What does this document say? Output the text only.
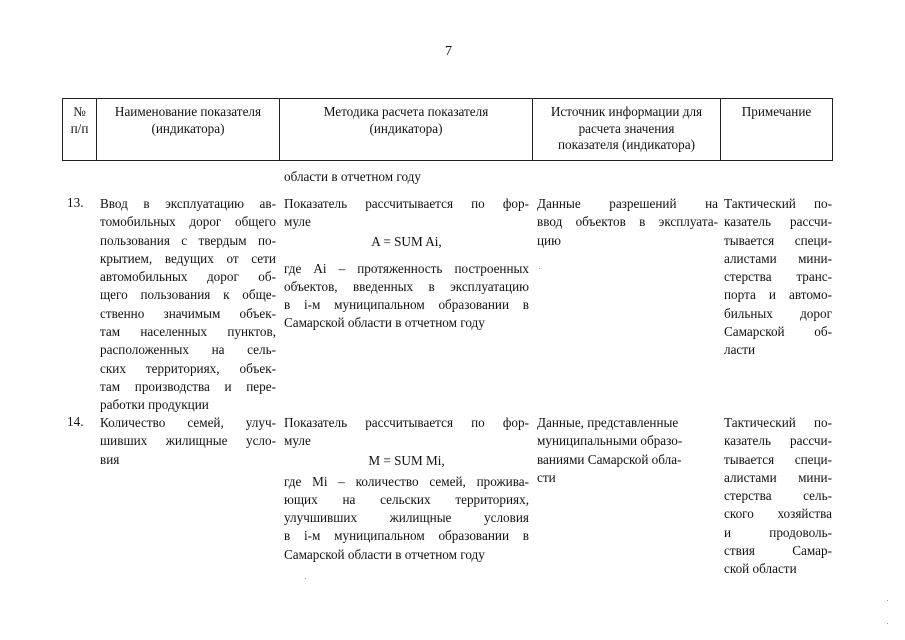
7
№
п/п
Наименование показателя
(индикатора)
Методика расчета показателя
(индикатора)
Источник информации для
расчета значения
показателя (индикатора)
Примечание
области в отчетном году
13. Ввод в эксплуатацию ав-
томобильных дорог общего
пользования с твердым по-
крытием, ведущих от сети
автомобильных дорог об-
щего пользования к обще-
ственно значимым объек-
там населенных пунктов,
расположенных на сель-
ских территориях, объек-
там производства и пере-
работки продукции
Показатель рассчитывается по фор-
муле
A = SUM Ai,
где Ai – протяженность построенных
объектов, введенных в эксплуатацию
в i-м муниципальном образовании в
Самарской области в отчетном году
Данные разрешений на
ввод объектов в эксплуата-
цию
Тактический по-
казатель рассчи-
тывается специ-
алистами мини-
стерства транс-
порта и автомо-
бильных дорог
Самарской об-
ласти
14. Количество семей, улуч-
шивших жилищные усло-
вия
Показатель рассчитывается по фор-
муле
M = SUM Mi,
где Mi – количество семей, прожива-
ющих на сельских территориях,
улучшивших жилищные условия
в i-м муниципальном образовании в
Самарской области в отчетном году
Данные, представленные
муниципальными образо-
ваниями Самарской обла-
сти
Тактический по-
казатель рассчи-
тывается специ-
алистами мини-
стерства сель-
ского хозяйства
и продоволь-
ствия Самар-
ской области
